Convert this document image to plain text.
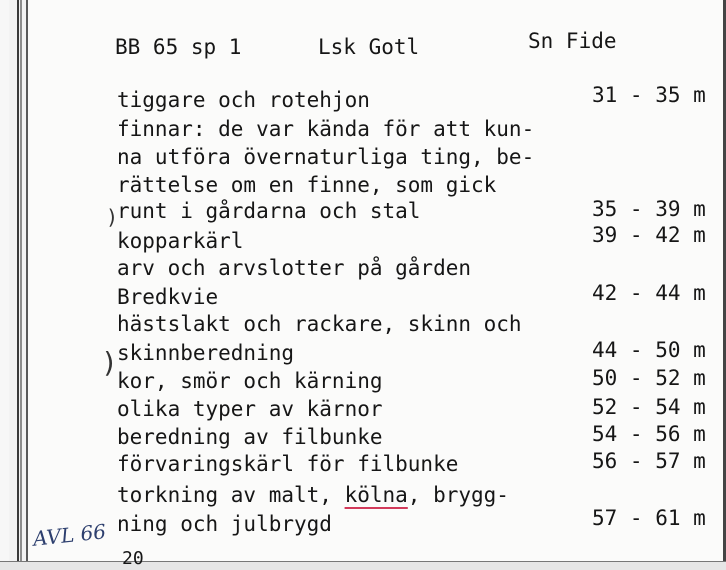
BB 65 sp 1	Lsk Gotl	Sn Fide
tiggare och rotehjon	31 - 35 m
finnar: de var kända för att kun-
na utföra övernaturliga ting, be-
rättelse om en finne, som gick
runt i gårdarna och stal	35 - 39 m
kopparkärl	39 - 42 m
arv och arvslotter på gården
Bredkvie	42 - 44 m
hästslakt och rackare, skinn och
skinnberedning	44 - 50 m
kor, smör och kärning	50 - 52 m
olika typer av kärnor	52 - 54 m
beredning av filbunke	54 - 56 m
förvaringskärl för filbunke	56 - 57 m
torkning av malt, kölna, brygg-
ning och julbrygd	57 - 61 m
)
)
AVL 66
20
